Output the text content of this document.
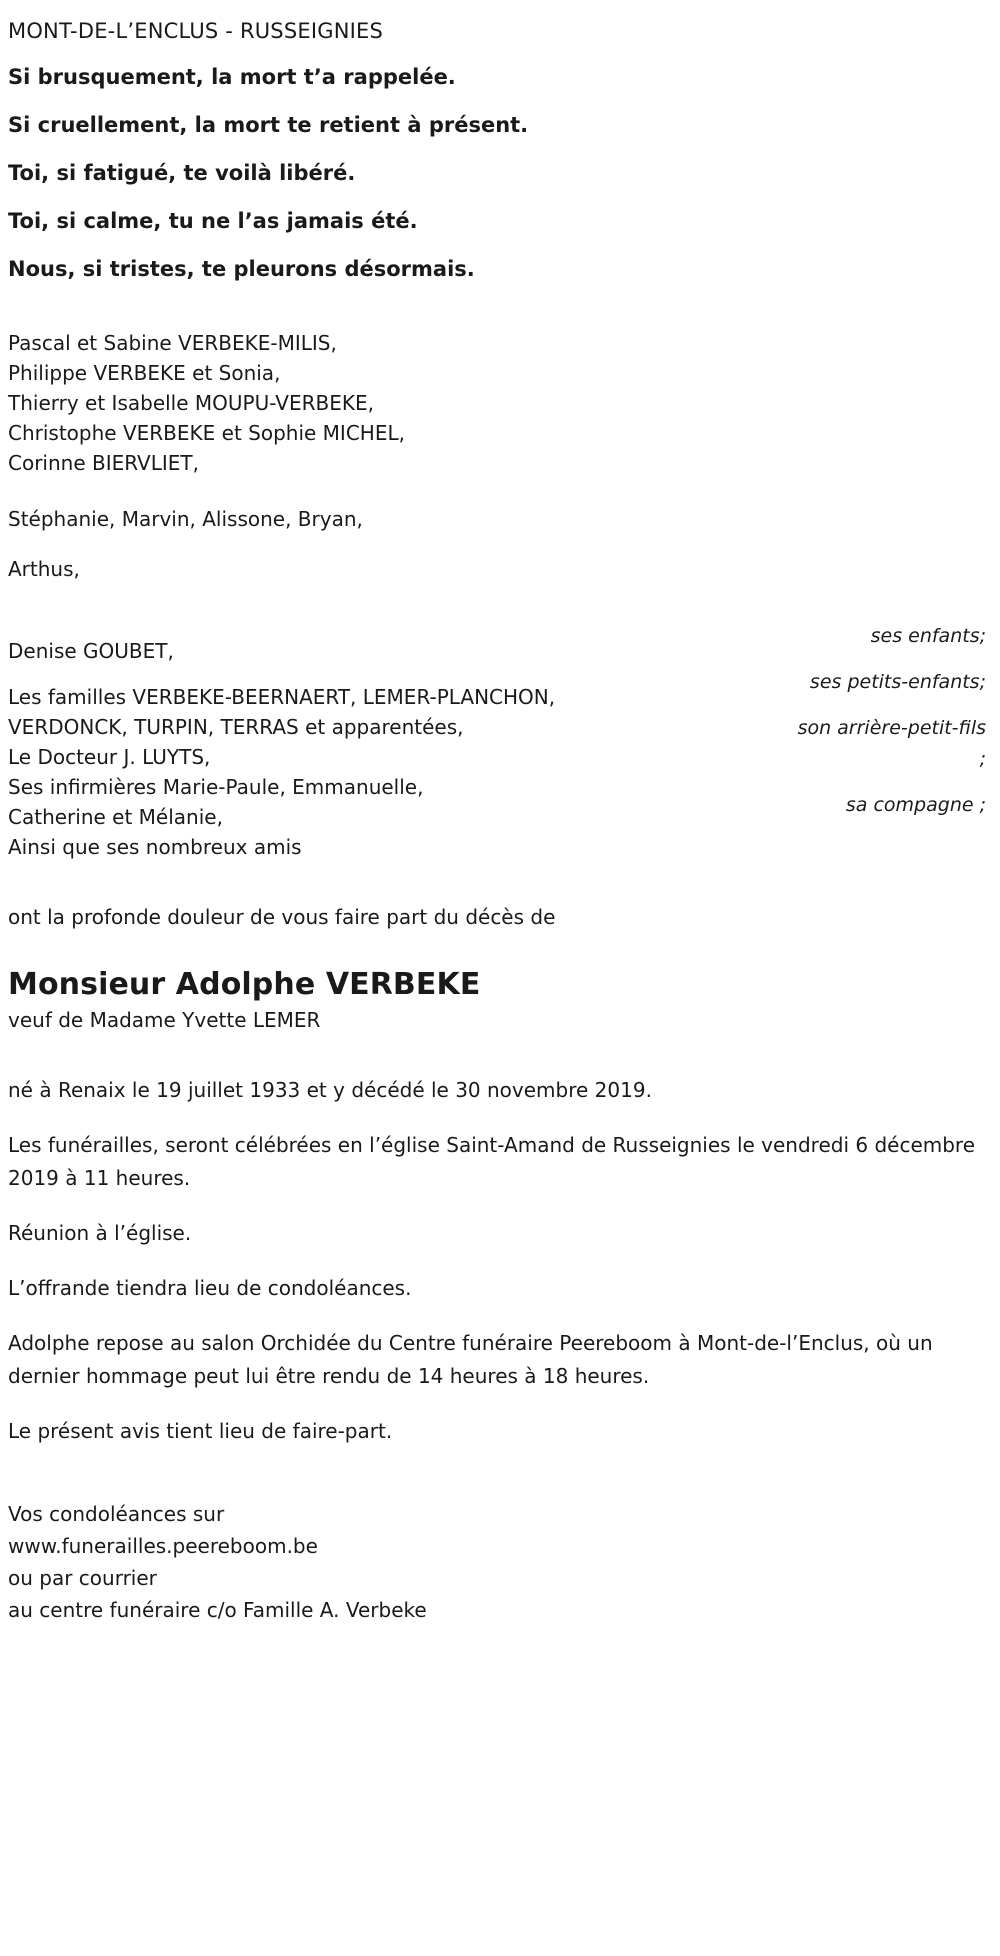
MONT-DE-L’ENCLUS - RUSSEIGNIES

Si brusquement, la mort t’a rappelée.

Si cruellement, la mort te retient à présent.

Toi, si fatigué, te voilà libéré.

Toi, si calme, tu ne l’as jamais été.

Nous, si tristes, te pleurons désormais.

Pascal et Sabine VERBEKE-MILIS,
Philippe VERBEKE et Sonia,
Thierry et Isabelle MOUPU-VERBEKE,
Christophe VERBEKE et Sophie MICHEL,
Corinne BIERVLIET,
ses enfants;
Stéphanie, Marvin, Alissone, Bryan,
ses petits-enfants;
Arthus,
son arrière-petit-fils
;
Denise GOUBET,
sa compagne ;
Les familles VERBEKE-BEERNAERT, LEMER-PLANCHON,
VERDONCK, TURPIN, TERRAS et apparentées,
Le Docteur J. LUYTS,
Ses infirmières Marie-Paule, Emmanuelle,
Catherine et Mélanie,
Ainsi que ses nombreux amis
ont la profonde douleur de vous faire part du décès de
Monsieur Adolphe VERBEKE
veuf de Madame Yvette LEMER

né à Renaix le 19 juillet 1933 et y décédé le 30 novembre 2019.

Les funérailles, seront célébrées en l’église Saint-Amand de Russeignies le vendredi 6 décembre 2019 à 11 heures.

Réunion à l’église.

L’offrande tiendra lieu de condoléances.

Adolphe repose au salon Orchidée du Centre funéraire Peereboom à Mont-de-l’Enclus, où un dernier hommage peut lui être rendu de 14 heures à 18 heures.

Le présent avis tient lieu de faire-part.

Vos condoléances sur
www.funerailles.peereboom.be
ou par courrier
au centre funéraire c/o Famille A. Verbeke
